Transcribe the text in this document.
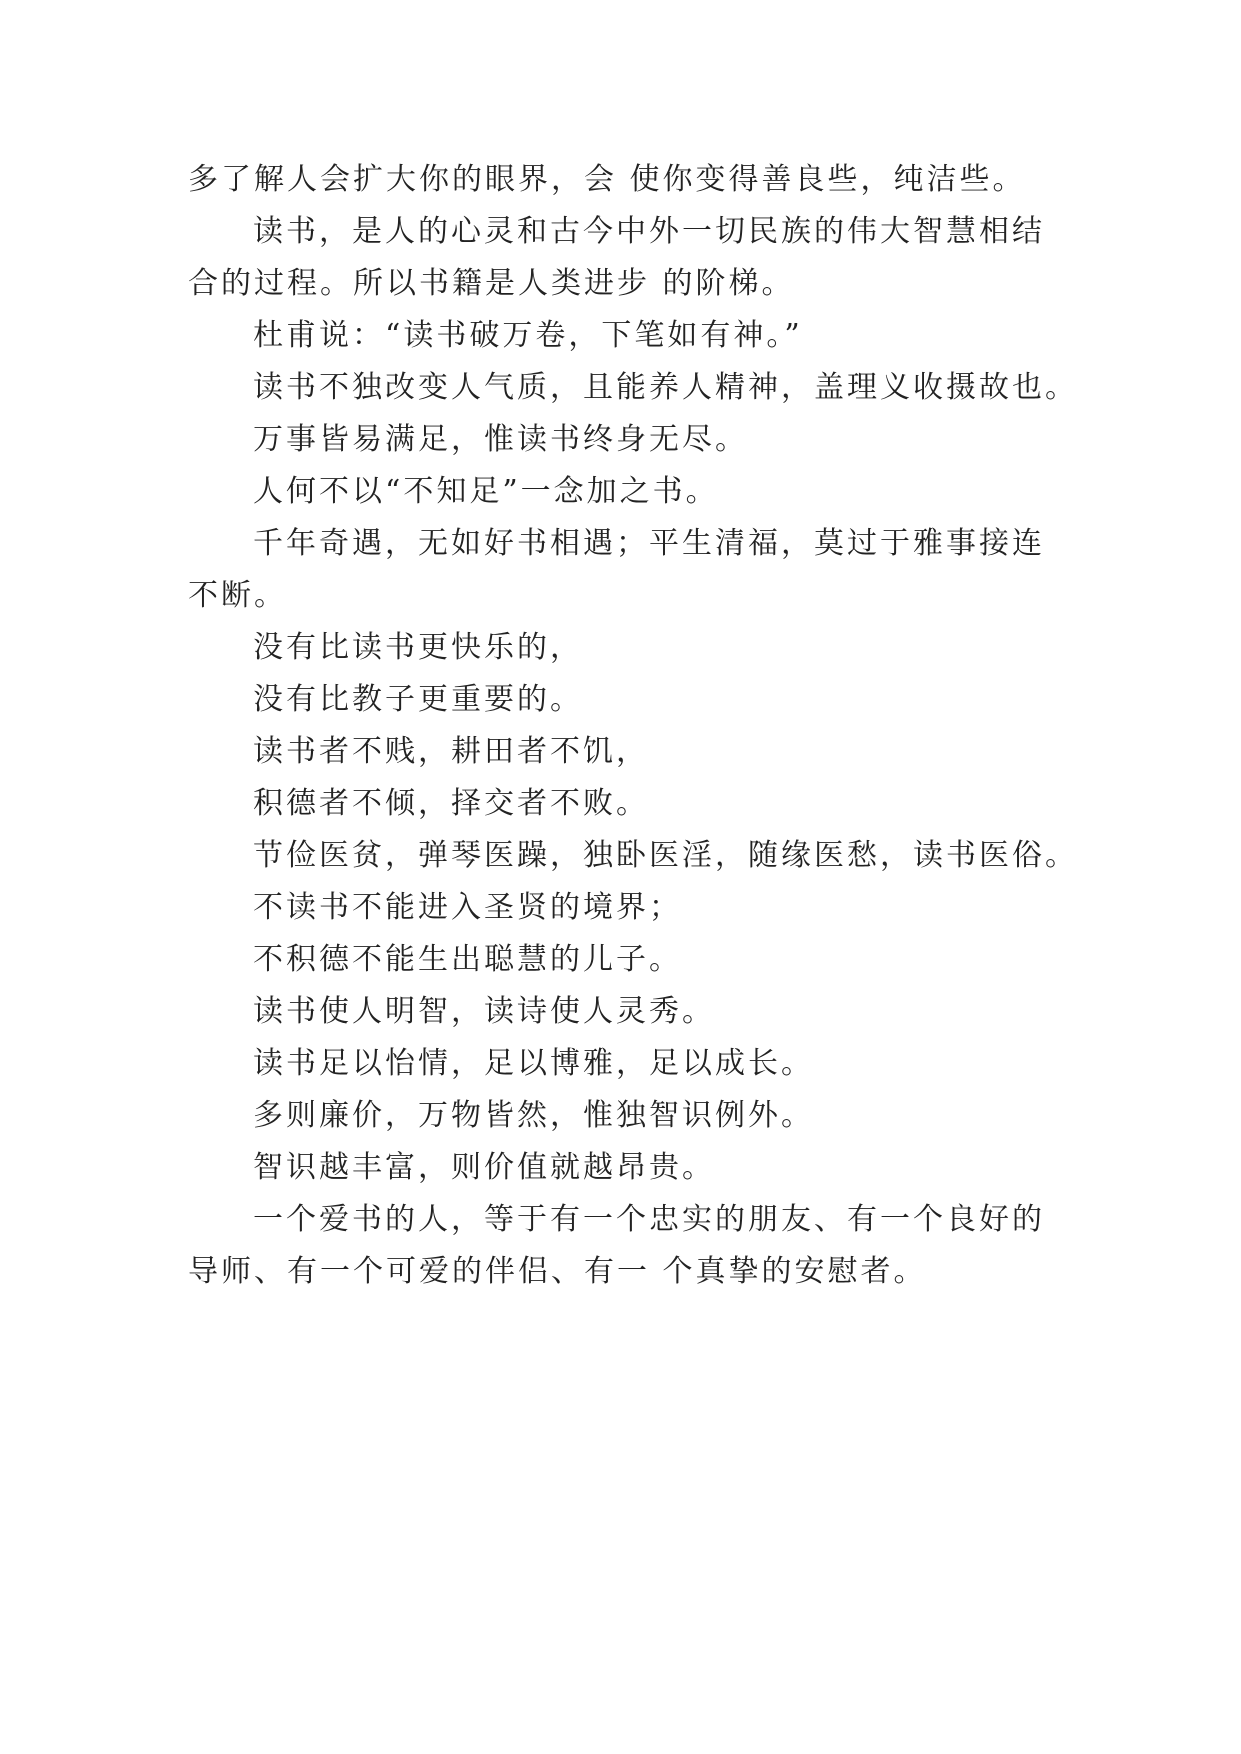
多了解人会扩大你的眼界，会 使你变得善良些，纯洁些。
读书，是人的心灵和古今中外一切民族的伟大智慧相结
合的过程。所以书籍是人类进步 的阶梯。
杜甫说：“读书破万卷，下笔如有神。”
读书不独改变人气质，且能养人精神，盖理义收摄故也。
万事皆易满足，惟读书终身无尽。
人何不以“不知足”一念加之书。
千年奇遇，无如好书相遇；平生清福，莫过于雅事接连
不断。
没有比读书更快乐的，
没有比教子更重要的。
读书者不贱，耕田者不饥，
积德者不倾，择交者不败。
节俭医贫，弹琴医躁，独卧医淫，随缘医愁，读书医俗。
不读书不能进入圣贤的境界；
不积德不能生出聪慧的儿子。
读书使人明智，读诗使人灵秀。
读书足以怡情，足以博雅，足以成长。
多则廉价，万物皆然，惟独智识例外。
智识越丰富，则价值就越昂贵。
一个爱书的人，等于有一个忠实的朋友、有一个良好的
导师、有一个可爱的伴侣、有一 个真挚的安慰者。
